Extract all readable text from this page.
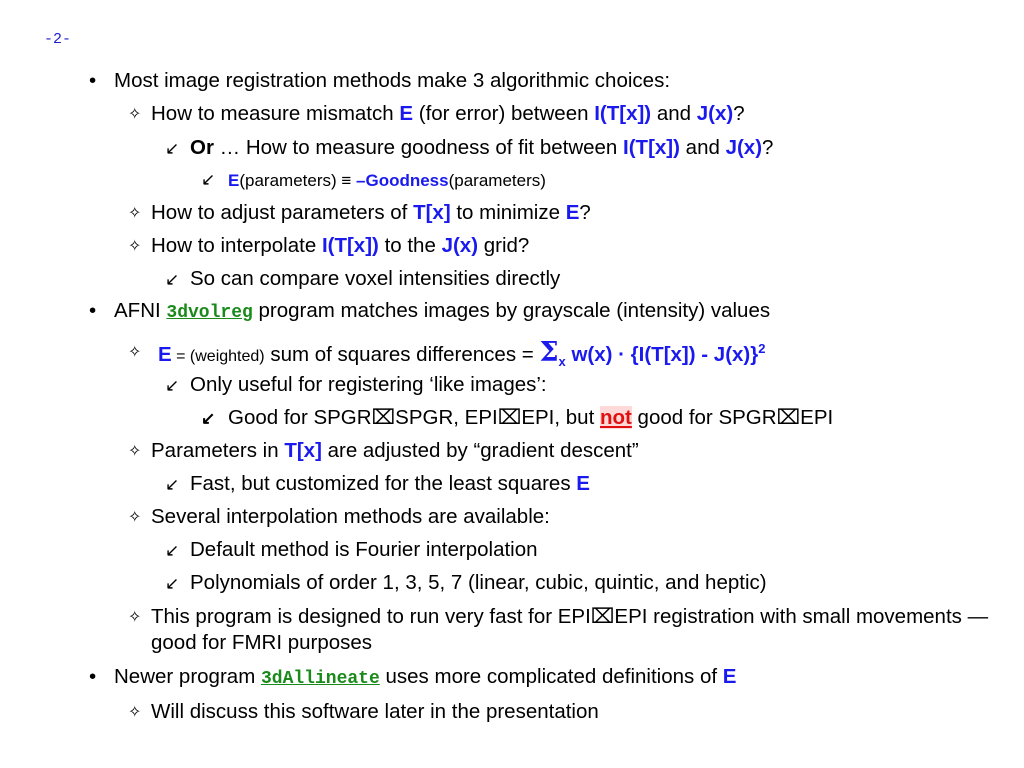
-2-
• Most image registration methods make 3 algorithmic choices:
✧ How to measure mismatch E (for error) between I(T[x]) and J(x)?
↙ Or … How to measure goodness of fit between I(T[x]) and J(x)?
↙ E(parameters) ≡ –Goodness(parameters)
✧ How to adjust parameters of T[x] to minimize E?
✧ How to interpolate I(T[x]) to the J(x) grid?
↙ So can compare voxel intensities directly
• AFNI 3dvolreg program matches images by grayscale (intensity) values
✧ E = (weighted) sum of squares differences = $\Sigma_x$ w(x) · {I(T[x]) - J(x)}$^2$
↙ Only useful for registering ‘like images’:
↙ Good for SPGR⌧SPGR, EPI⌧EPI, but not good for SPGR⌧EPI
✧ Parameters in T[x] are adjusted by “gradient descent”
↙ Fast, but customized for the least squares E
✧ Several interpolation methods are available:
↙ Default method is Fourier interpolation
↙ Polynomials of order 1, 3, 5, 7 (linear, cubic, quintic, and heptic)
✧ This program is designed to run very fast for EPI⌧EPI registration with small movements — good for FMRI purposes
• Newer program 3dAllineate uses more complicated definitions of E
✧ Will discuss this software later in the presentation
